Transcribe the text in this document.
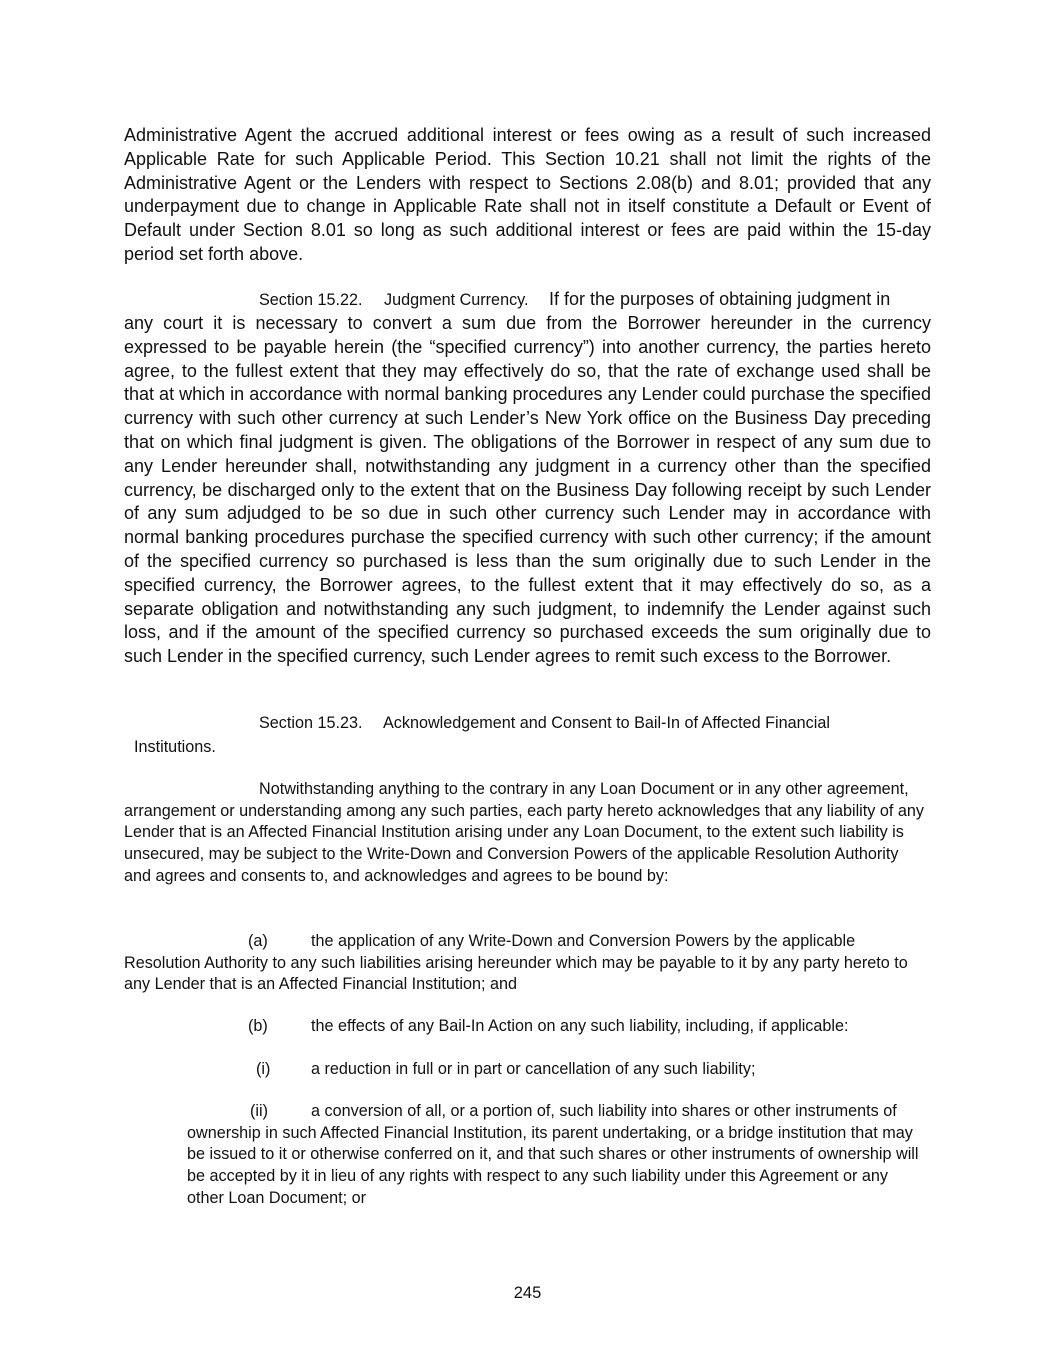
Administrative Agent the accrued additional interest or fees owing as a result of such increased Applicable Rate for such Applicable Period. This Section 10.21 shall not limit the rights of the Administrative Agent or the Lenders with respect to Sections 2.08(b) and 8.01; provided that any underpayment due to change in Applicable Rate shall not in itself constitute a Default or Event of Default under Section 8.01 so long as such additional interest or fees are paid within the 15-day period set forth above.

Section 15.22. Judgment Currency. If for the purposes of obtaining judgment in

any court it is necessary to convert a sum due from the Borrower hereunder in the currency expressed to be payable herein (the “specified currency”) into another currency, the parties hereto agree, to the fullest extent that they may effectively do so, that the rate of exchange used shall be that at which in accordance with normal banking procedures any Lender could purchase the specified currency with such other currency at such Lender’s New York office on the Business Day preceding that on which final judgment is given. The obligations of the Borrower in respect of any sum due to any Lender hereunder shall, notwithstanding any judgment in a currency other than the specified currency, be discharged only to the extent that on the Business Day following receipt by such Lender of any sum adjudged to be so due in such other currency such Lender may in accordance with normal banking procedures purchase the specified currency with such other currency; if the amount of the specified currency so purchased is less than the sum originally due to such Lender in the specified currency, the Borrower agrees, to the fullest extent that it may effectively do so, as a separate obligation and notwithstanding any such judgment, to indemnify the Lender against such loss, and if the amount of the specified currency so purchased exceeds the sum originally due to such Lender in the specified currency, such Lender agrees to remit such excess to the Borrower.

Section 15.23. Acknowledgement and Consent to Bail-In of Affected Financial
Institutions.

Notwithstanding anything to the contrary in any Loan Document or in any other agreement, arrangement or understanding among any such parties, each party hereto acknowledges that any liability of any Lender that is an Affected Financial Institution arising under any Loan Document, to the extent such liability is unsecured, may be subject to the Write-Down and Conversion Powers of the applicable Resolution Authority and agrees and consents to, and acknowledges and agrees to be bound by:

(a)	the application of any Write-Down and Conversion Powers by the applicable Resolution Authority to any such liabilities arising hereunder which may be payable to it by any party hereto to any Lender that is an Affected Financial Institution; and

(b)	the effects of any Bail-In Action on any such liability, including, if applicable:

(i)	a reduction in full or in part or cancellation of any such liability;

(ii)	a conversion of all, or a portion of, such liability into shares or other instruments of ownership in such Affected Financial Institution, its parent undertaking, or a bridge institution that may be issued to it or otherwise conferred on it, and that such shares or other instruments of ownership will be accepted by it in lieu of any rights with respect to any such liability under this Agreement or any other Loan Document; or

245
